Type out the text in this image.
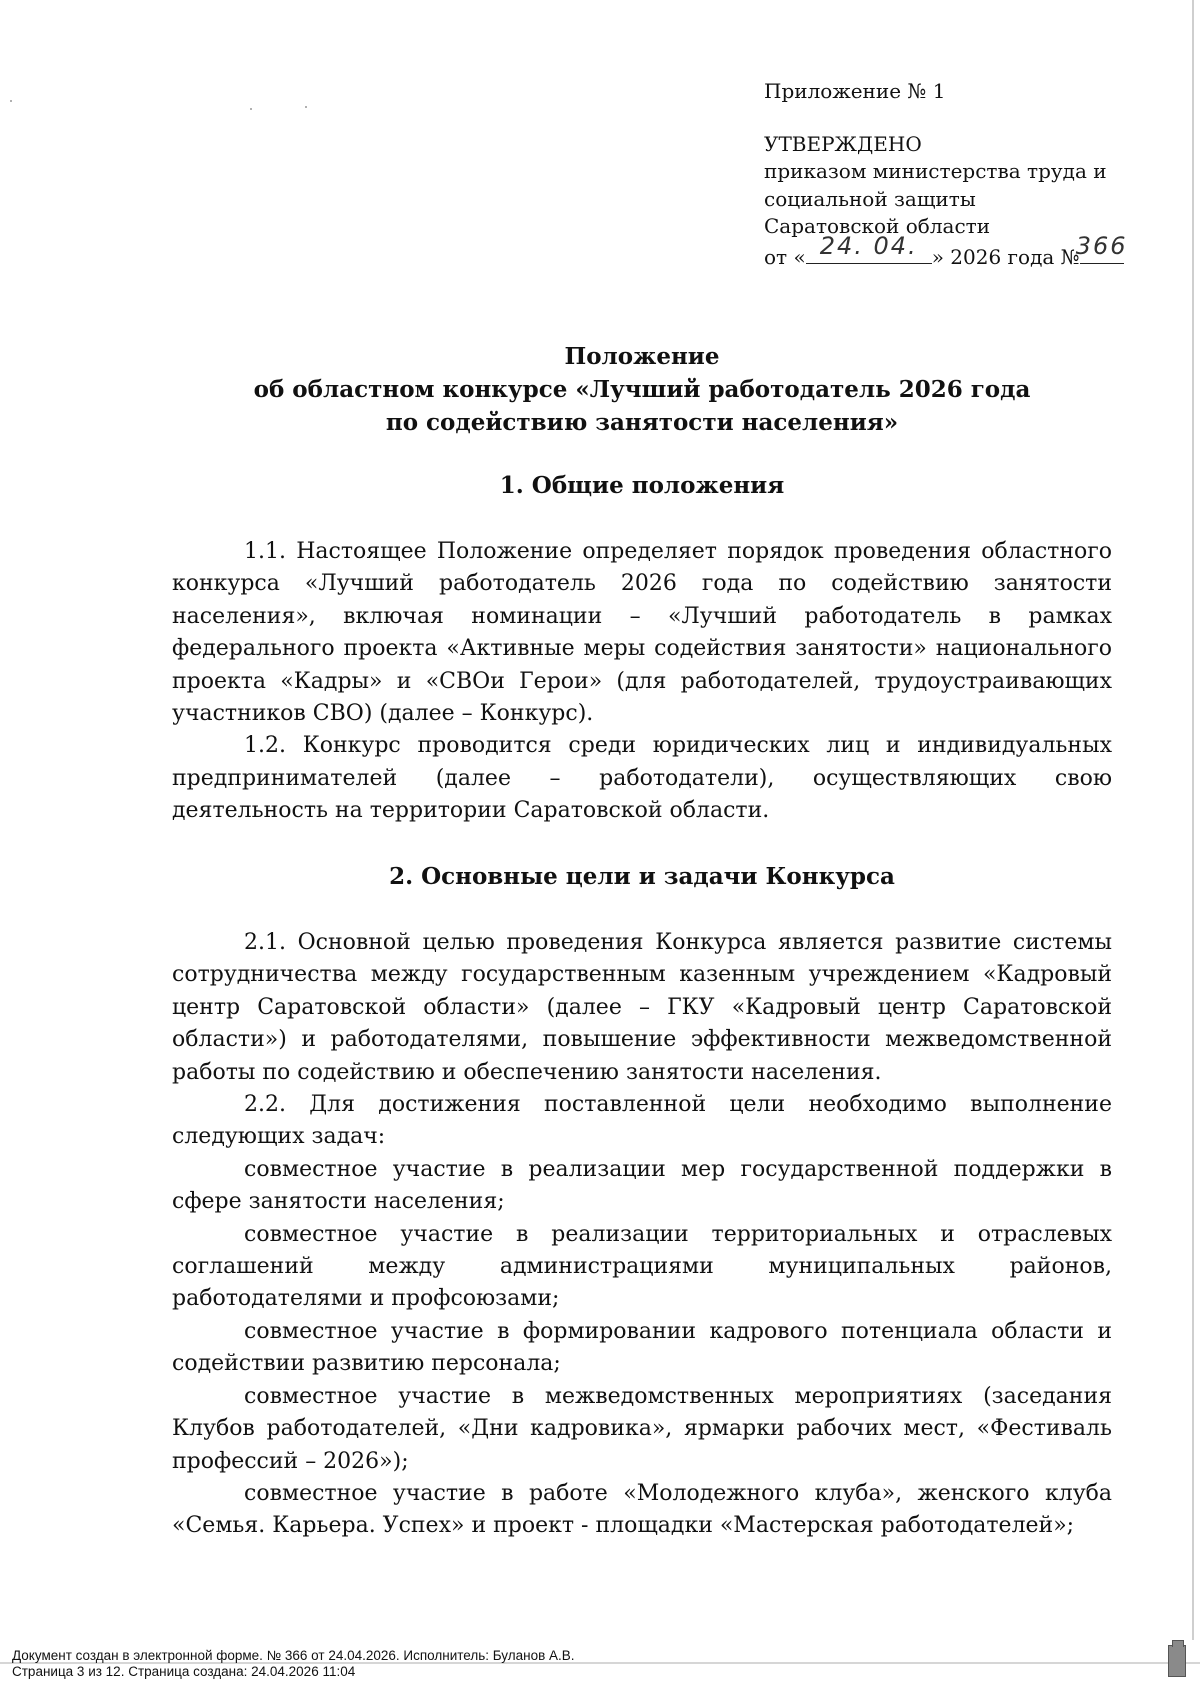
Приложение № 1
УТВЕРЖДЕНО
приказом министерства труда и
социальной защиты
Саратовской области
от « 24. 04. » 2026 года №
366
Положение
об областном конкурсе «Лучший работодатель 2026 года
по содействию занятости населения»
1. Общие положения

1.1. Настоящее Положение определяет порядок проведения областного конкурса «Лучший работодатель 2026 года по содействию занятости населения», включая номинации – «Лучший работодатель в рамках федерального проекта «Активные меры содействия занятости» национального проекта «Кадры» и «СВОи Герои» (для работодателей, трудоустраивающих участников СВО) (далее – Конкурс).

1.2. Конкурс проводится среди юридических лиц и индивидуальных предпринимателей (далее – работодатели), осуществляющих свою деятельность на территории Саратовской области.

2. Основные цели и задачи Конкурса

2.1. Основной целью проведения Конкурса является развитие системы сотрудничества между государственным казенным учреждением «Кадровый центр Саратовской области» (далее – ГКУ «Кадровый центр Саратовской области») и работодателями, повышение эффективности межведомственной работы по содействию и обеспечению занятости населения.

2.2. Для достижения поставленной цели необходимо выполнение следующих задач:

совместное участие в реализации мер государственной поддержки в сфере занятости населения;

совместное участие в реализации территориальных и отраслевых соглашений между администрациями муниципальных районов, работодателями и профсоюзами;

совместное участие в формировании кадрового потенциала области и содействии развитию персонала;

совместное участие в межведомственных мероприятиях (заседания Клубов работодателей, «Дни кадровика», ярмарки рабочих мест, «Фестиваль профессий – 2026»);

совместное участие в работе «Молодежного клуба», женского клуба «Семья. Карьера. Успех» и проект - площадки «Мастерская работодателей»;

Документ создан в электронной форме. № 366 от 24.04.2026. Исполнитель: Буланов А.В.
Страница 3 из 12. Страница создана: 24.04.2026 11:04
